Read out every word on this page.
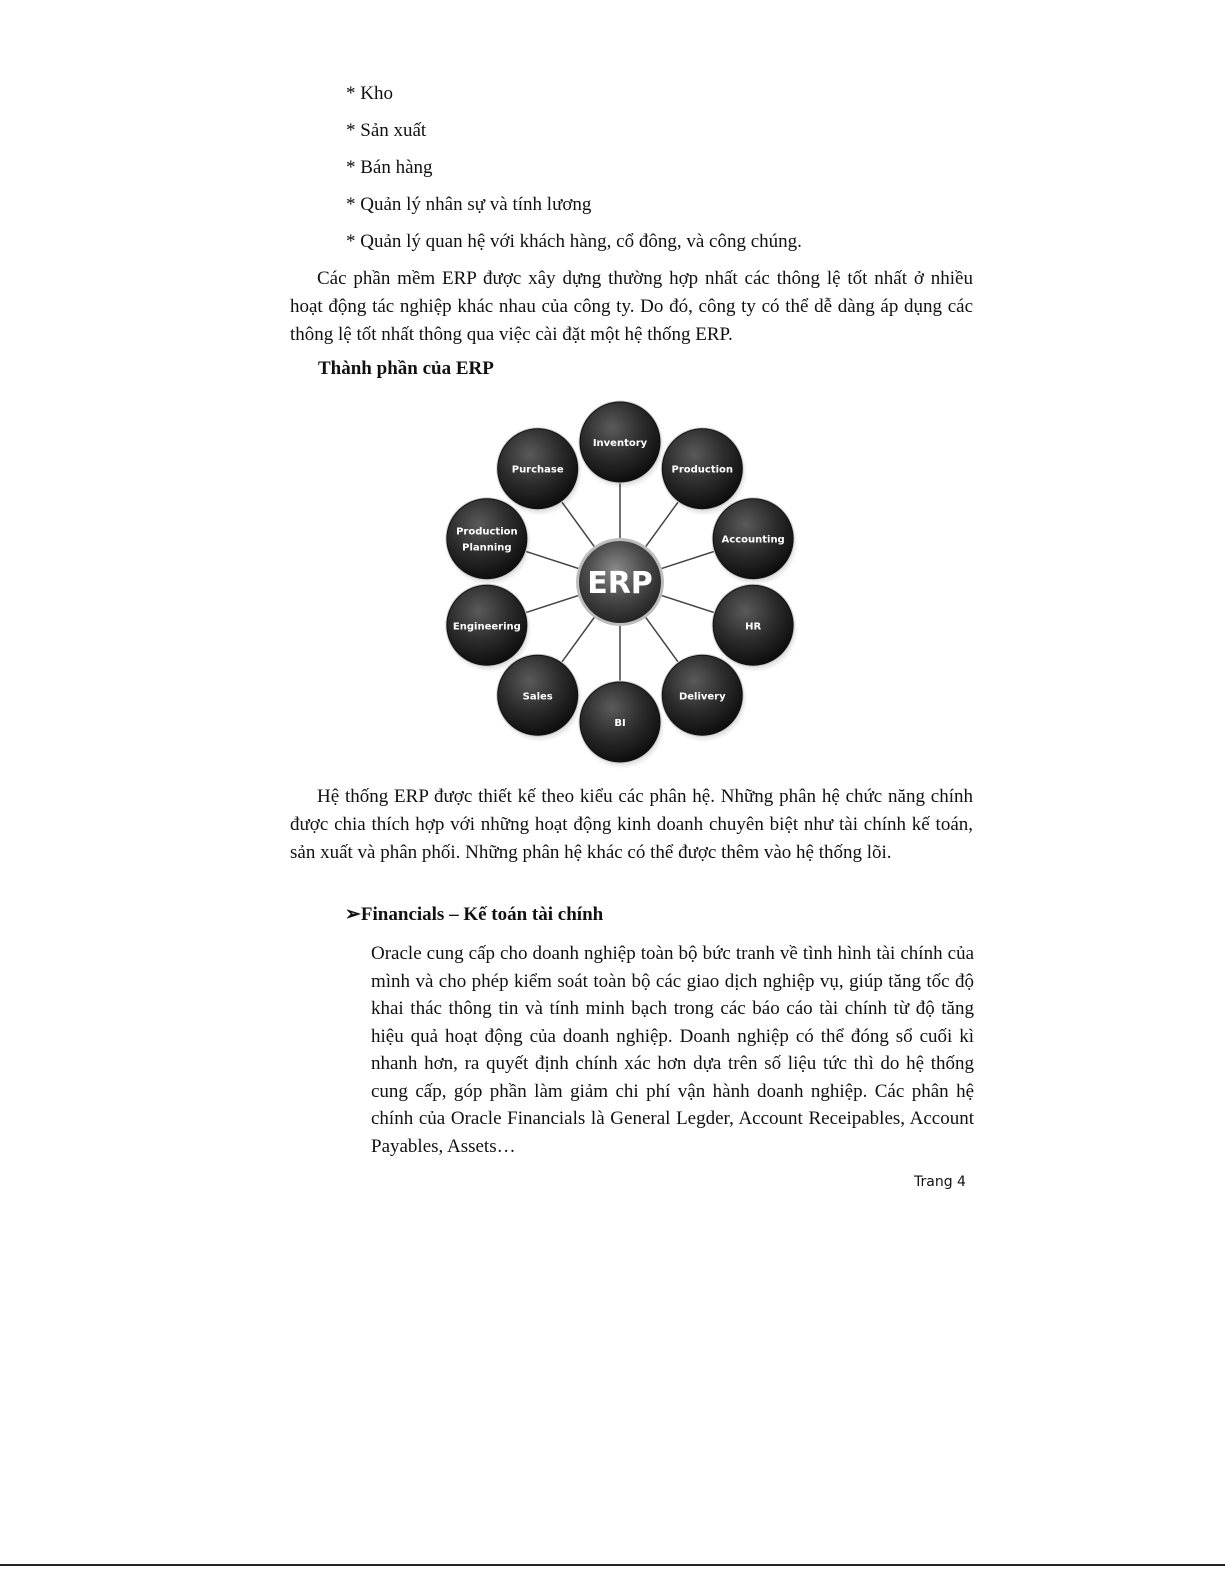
* Kho
* Sản xuất
* Bán hàng
* Quản lý nhân sự và tính lương
* Quản lý quan hệ với khách hàng, cổ đông, và công chúng.

Các phần mềm ERP được xây dựng thường hợp nhất các thông lệ tốt nhất ở nhiều hoạt động tác nghiệp khác nhau của công ty. Do đó, công ty có thể dễ dàng áp dụng các thông lệ tốt nhất thông qua việc cài đặt một hệ thống ERP.

Thành phần của ERP
Inventory
Production
Accounting
HR
Delivery
BI
Sales
Engineering
Production
Planning
Purchase
ERP

Hệ thống ERP được thiết kế theo kiểu các phân hệ. Những phân hệ chức năng chính được chia thích hợp với những hoạt động kinh doanh chuyên biệt như tài chính kế toán, sản xuất và phân phối. Những phân hệ khác có thể được thêm vào hệ thống lõi.

➢Financials – Kế toán tài chính

Oracle cung cấp cho doanh nghiệp toàn bộ bức tranh về tình hình tài chính của mình và cho phép kiểm soát toàn bộ các giao dịch nghiệp vụ, giúp tăng tốc độ khai thác thông tin và tính minh bạch trong các báo cáo tài chính từ độ tăng hiệu quả hoạt động của doanh nghiệp. Doanh nghiệp có thể đóng sổ cuối kì nhanh hơn, ra quyết định chính xác hơn dựa trên số liệu tức thì do hệ thống cung cấp, góp phần làm giảm chi phí vận hành doanh nghiệp. Các phân hệ chính của Oracle Financials là General Legder, Account Receipables, Account Payables, Assets…

Trang 4
